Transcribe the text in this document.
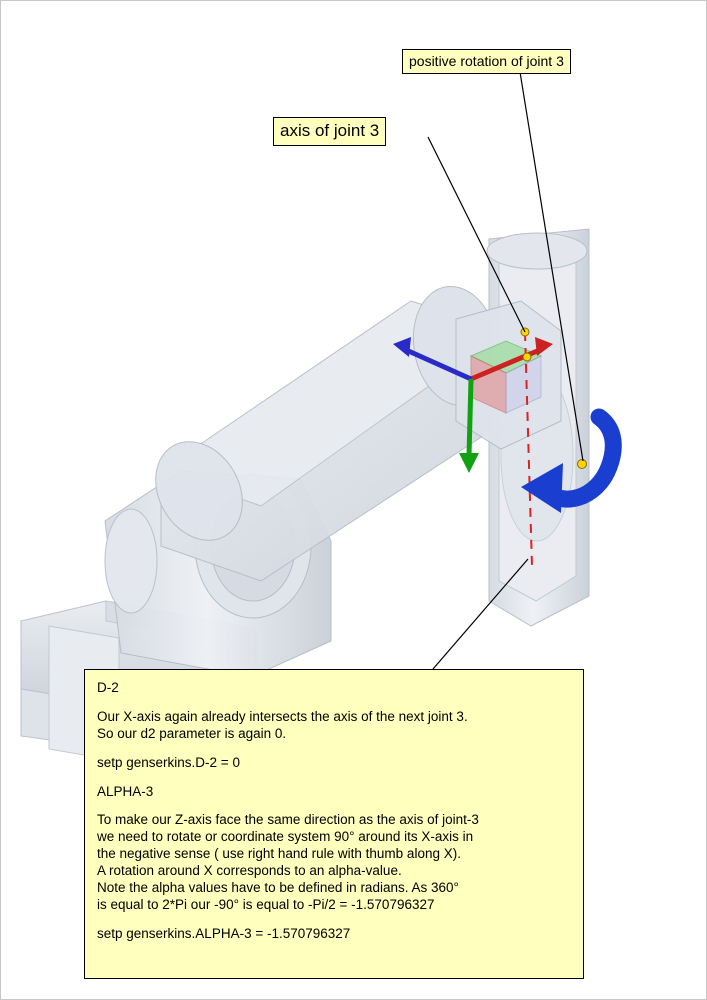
axis of joint 3
positive rotation of joint 3

D-2

Our X-axis again already intersects the axis of the next joint 3.

So our d2 parameter is again 0.

setp genserkins.D-2 = 0

ALPHA-3

To make our Z-axis face the same direction as the axis of joint-3

we need to rotate or coordinate system 90° around its X-axis in

the negative sense ( use right hand rule with thumb along X).

A rotation around X corresponds to an alpha-value.

Note the alpha values have to be defined in radians. As 360°

is equal to 2*Pi our -90° is equal to -Pi/2 = -1.570796327

setp genserkins.ALPHA-3 = -1.570796327
